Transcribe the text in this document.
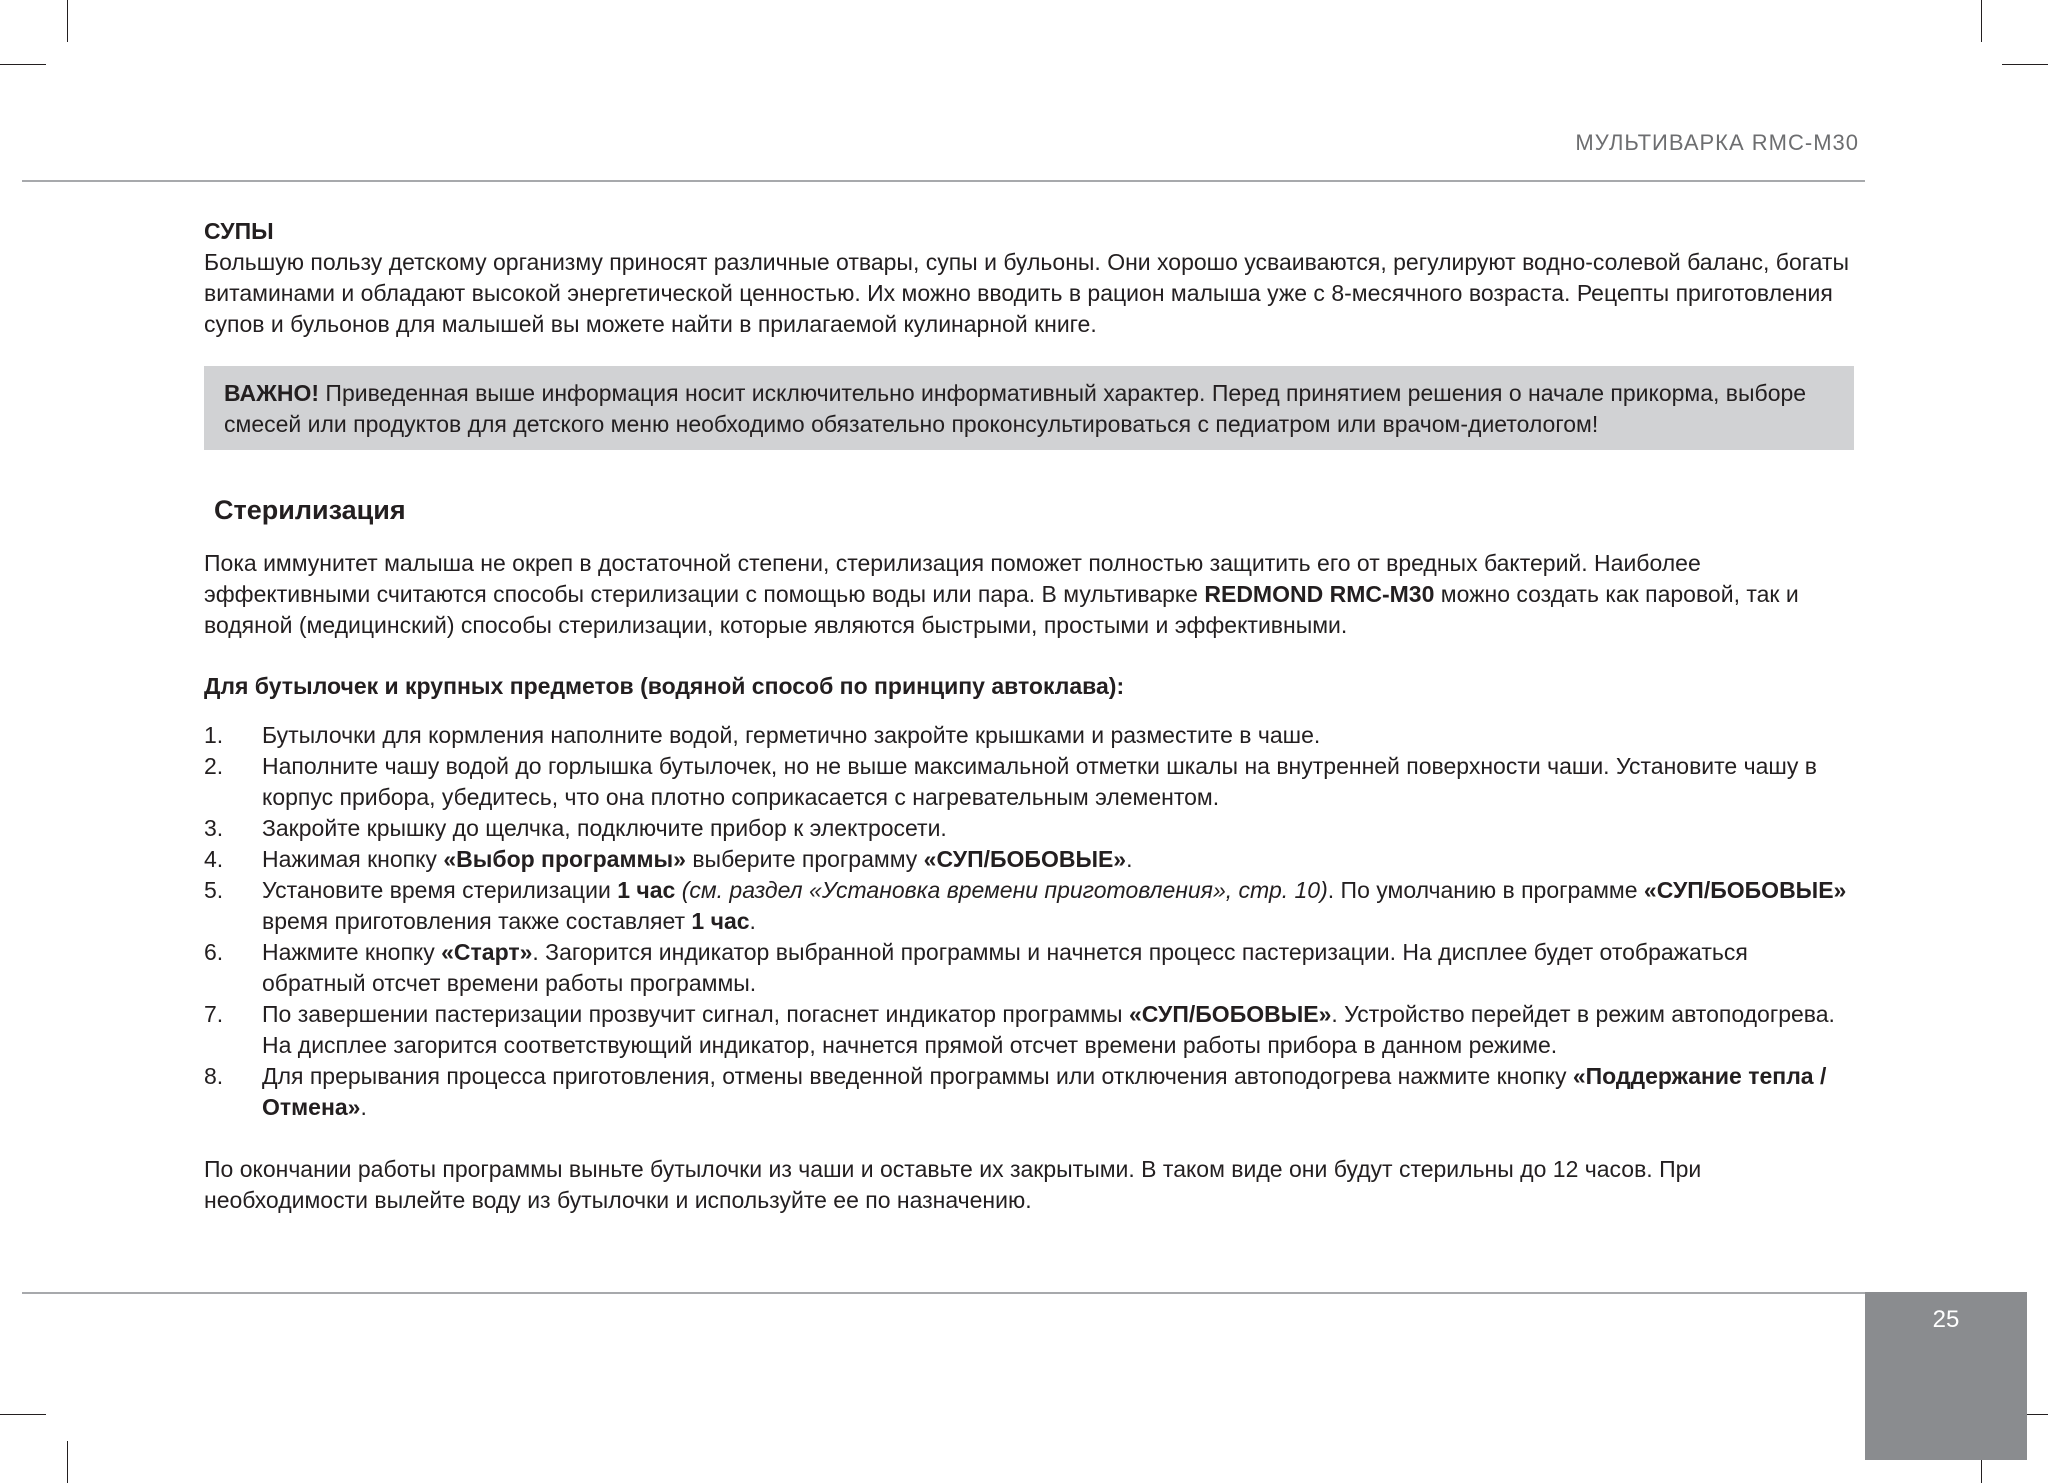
МУЛЬТИВАРКА RMC-M30
СУПЫ

Большую пользу детскому организму приносят различные отвары, супы и бульоны. Они хорошо усваиваются, регулируют водно-солевой баланс, богаты витаминами и обладают высокой энергетической ценностью. Их можно вводить в рацион малыша уже с 8-месячного возраста. Рецепты приготовления супов и бульонов для малышей вы можете найти в прилагаемой кулинарной книге.

ВАЖНО! Приведенная выше информация носит исключительно информативный характер. Перед принятием решения о начале прикорма, выборе смесей или продуктов для детского меню необходимо обязательно проконсультироваться с педиатром или врачом-диетологом!
Стерилизация

Пока иммунитет малыша не окреп в достаточной степени, стерилизация поможет полностью защитить его от вредных бактерий. Наиболее эффективными считаются способы стерилизации с помощью воды или пара. В мультиварке REDMOND RMC-M30 можно создать как паровой, так и водяной (медицинский) способы стерилизации, которые являются быстрыми, простыми и эффективными.

Для бутылочек и крупных предметов (водяной способ по принципу автоклава):

1. Бутылочки для кормления наполните водой, герметично закройте крышками и разместите в чаше.
2. Наполните чашу водой до горлышка бутылочек, но не выше максимальной отметки шкалы на внутренней поверхности чаши. Установите чашу в корпус прибора, убедитесь, что она плотно соприкасается с нагревательным элементом.
3. Закройте крышку до щелчка, подключите прибор к электросети.
4. Нажимая кнопку «Выбор программы» выберите программу «СУП/БОБОВЫЕ».
5. Установите время стерилизации 1 час (см. раздел «Установка времени приготовления», стр. 10). По умолчанию в программе «СУП/БОБОВЫЕ» время приготовления также составляет 1 час.
6. Нажмите кнопку «Старт». Загорится индикатор выбранной программы и начнется процесс пастеризации. На дисплее будет отображаться обратный отсчет времени работы программы.
7. По завершении пастеризации прозвучит сигнал, погаснет индикатор программы «СУП/БОБОВЫЕ». Устройство перейдет в режим автоподогрева. На дисплее загорится соответствующий индикатор, начнется прямой отсчет времени работы прибора в данном режиме.
8. Для прерывания процесса приготовления, отмены введенной программы или отключения автоподогрева нажмите кнопку «Поддержание тепла /Отмена».

По окончании работы программы выньте бутылочки из чаши и оставьте их закрытыми. В таком виде они будут стерильны до 12 часов. При необходимости вылейте воду из бутылочки и используйте ее по назначению.

25
